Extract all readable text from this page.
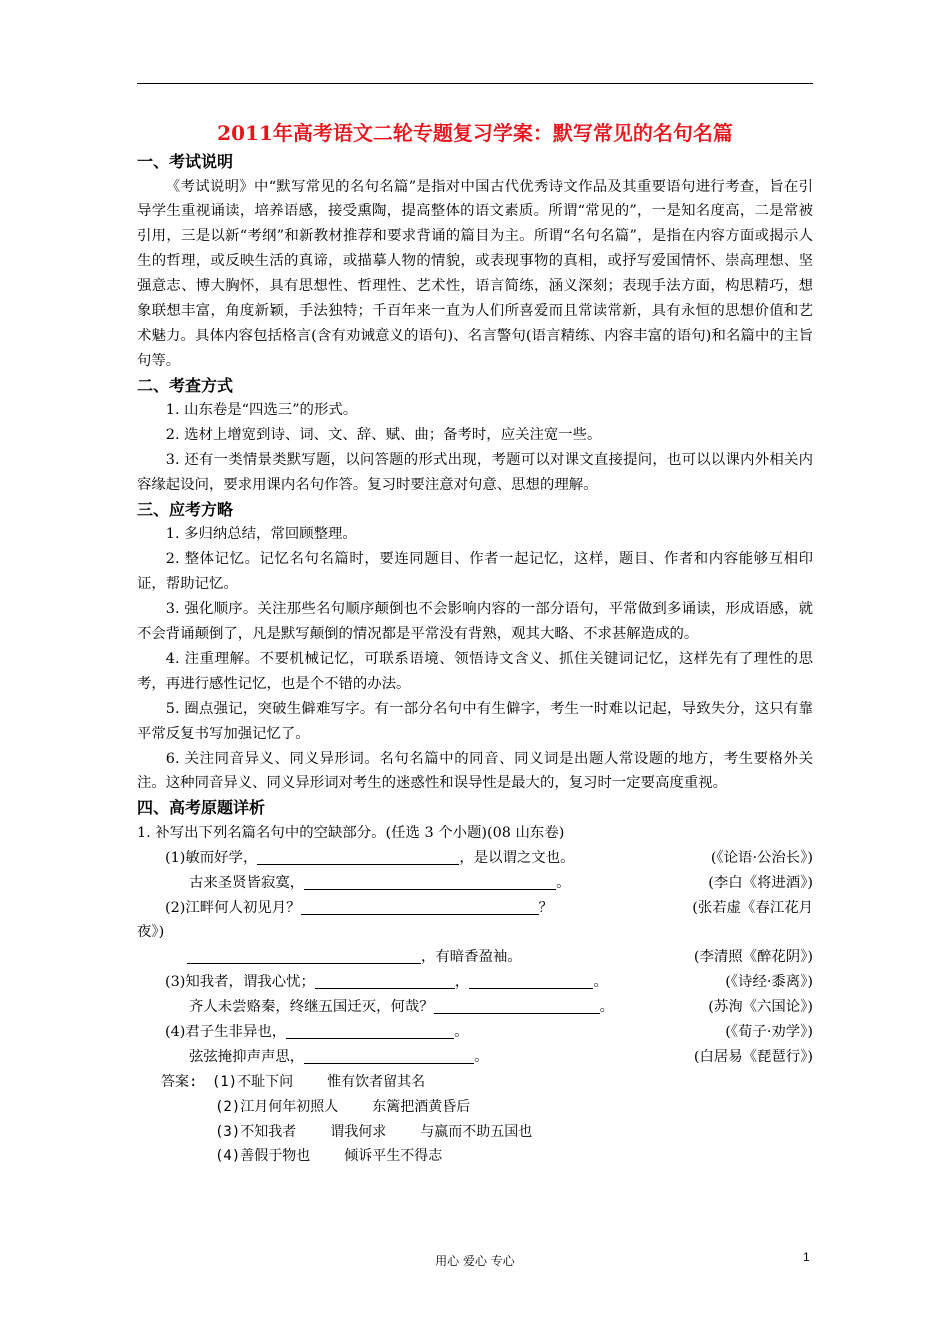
2011年高考语文二轮专题复习学案：默写常见的名句名篇
一、考试说明

《考试说明》中“默写常见的名句名篇”是指对中国古代优秀诗文作品及其重要语句进行考查，旨在引导学生重视诵读，培养语感，接受熏陶，提高整体的语文素质。所谓“常见的”，一是知名度高，二是常被引用，三是以新“考纲”和新教材推荐和要求背诵的篇目为主。所谓“名句名篇”，是指在内容方面或揭示人生的哲理，或反映生活的真谛，或描摹人物的情貌，或表现事物的真相，或抒写爱国情怀、崇高理想、坚强意志、博大胸怀，具有思想性、哲理性、艺术性，语言简练，涵义深刻；表现手法方面，构思精巧，想象联想丰富，角度新颖，手法独特；千百年来一直为人们所喜爱而且常读常新，具有永恒的思想价值和艺术魅力。具体内容包括格言(含有劝诫意义的语句)、名言警句(语言精练、内容丰富的语句)和名篇中的主旨句等。

二、考查方式

1. 山东卷是“四选三”的形式。

2. 选材上增宽到诗、词、文、辞、赋、曲；备考时，应关注宽一些。

3. 还有一类情景类默写题，以问答题的形式出现，考题可以对课文直接提问，也可以以课内外相关内容缘起设问，要求用课内名句作答。复习时要注意对句意、思想的理解。

三、应考方略

1. 多归纳总结，常回顾整理。

2. 整体记忆。记忆名句名篇时，要连同题目、作者一起记忆，这样，题目、作者和内容能够互相印证，帮助记忆。

3. 强化顺序。关注那些名句顺序颠倒也不会影响内容的一部分语句，平常做到多诵读，形成语感，就不会背诵颠倒了，凡是默写颠倒的情况都是平常没有背熟，观其大略、不求甚解造成的。

4. 注重理解。不要机械记忆，可联系语境、领悟诗文含义、抓住关键词记忆，这样先有了理性的思考，再进行感性记忆，也是个不错的办法。

5. 圈点强记，突破生僻难写字。有一部分名句中有生僻字，考生一时难以记起，导致失分，这只有靠平常反复书写加强记忆了。

6. 关注同音异义、同义异形词。名句名篇中的同音、同义词是出题人常设题的地方，考生要格外关注。这种同音异义、同义异形词对考生的迷惑性和误导性是最大的，复习时一定要高度重视。

四、高考原题详析

1. 补写出下列名篇名句中的空缺部分。(任选 3 个小题)(08 山东卷)

(1)敏而好学，	，是以谓之文也。	(《论语·公治长》)
古来圣贤皆寂寞，	。	(李白《将进酒》)
(2)江畔何人初见月？	？	(张若虚《春江花月
夜》)
，有暗香盈袖。	(李清照《醉花阴》)
(3)知我者，谓我心忧；	，	。	(《诗经·黍离》)
齐人未尝赂秦，终继五国迁灭，何哉？	。	(苏洵《六国论》)
(4)君子生非异也，	。	(《荀子·劝学》)
弦弦掩抑声声思，	。	(白居易《琵琶行》)
答案: (1)不耻下问 惟有饮者留其名
(2)江月何年初照人 东篱把酒黄昏后
(3)不知我者 谓我何求 与嬴而不助五国也
(4)善假于物也 倾诉平生不得志
用心 爱心 专心	1
